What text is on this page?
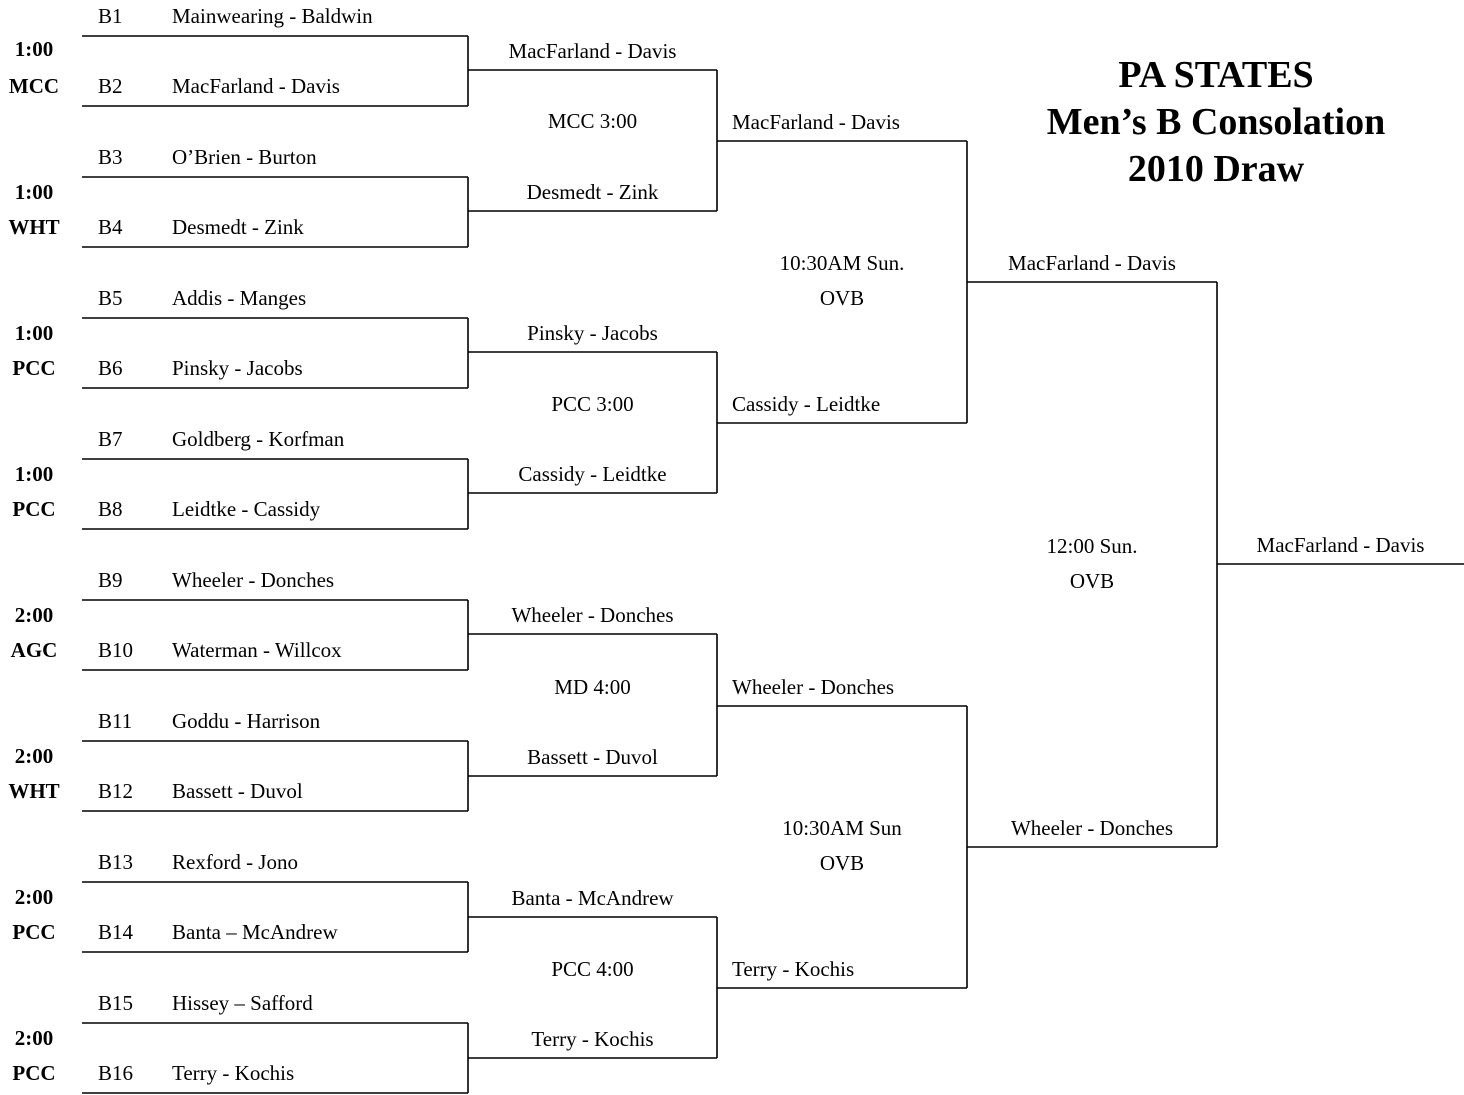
PA STATES
Men’s B Consolation
2010 Draw
B1 Mainwearing - Baldwin
B2 MacFarland - Davis
B3 O’Brien - Burton
B4 Desmedt - Zink
B5 Addis - Manges
B6 Pinsky - Jacobs
B7 Goldberg - Korfman
B8 Leidtke - Cassidy
B9 Wheeler - Donches
B10 Waterman - Willcox
B11 Goddu - Harrison
B12 Bassett - Duvol
B13 Rexford - Jono
B14 Banta – McAndrew
B15 Hissey – Safford
B16 Terry - Kochis
1:00
MCC
1:00
WHT
1:00
PCC
1:00
PCC
2:00
AGC
2:00
WHT
2:00
PCC
2:00
PCC
MacFarland - Davis
Desmedt - Zink
Pinsky - Jacobs
Cassidy - Leidtke
Wheeler - Donches
Bassett - Duvol
Banta - McAndrew
Terry - Kochis
MCC 3:00
PCC 3:00
MD 4:00
PCC 4:00
MacFarland - Davis
Cassidy - Leidtke
Wheeler - Donches
Terry - Kochis
10:30AM Sun.
OVB
10:30AM Sun
OVB
MacFarland - Davis
Wheeler - Donches
12:00 Sun.
OVB
MacFarland - Davis
